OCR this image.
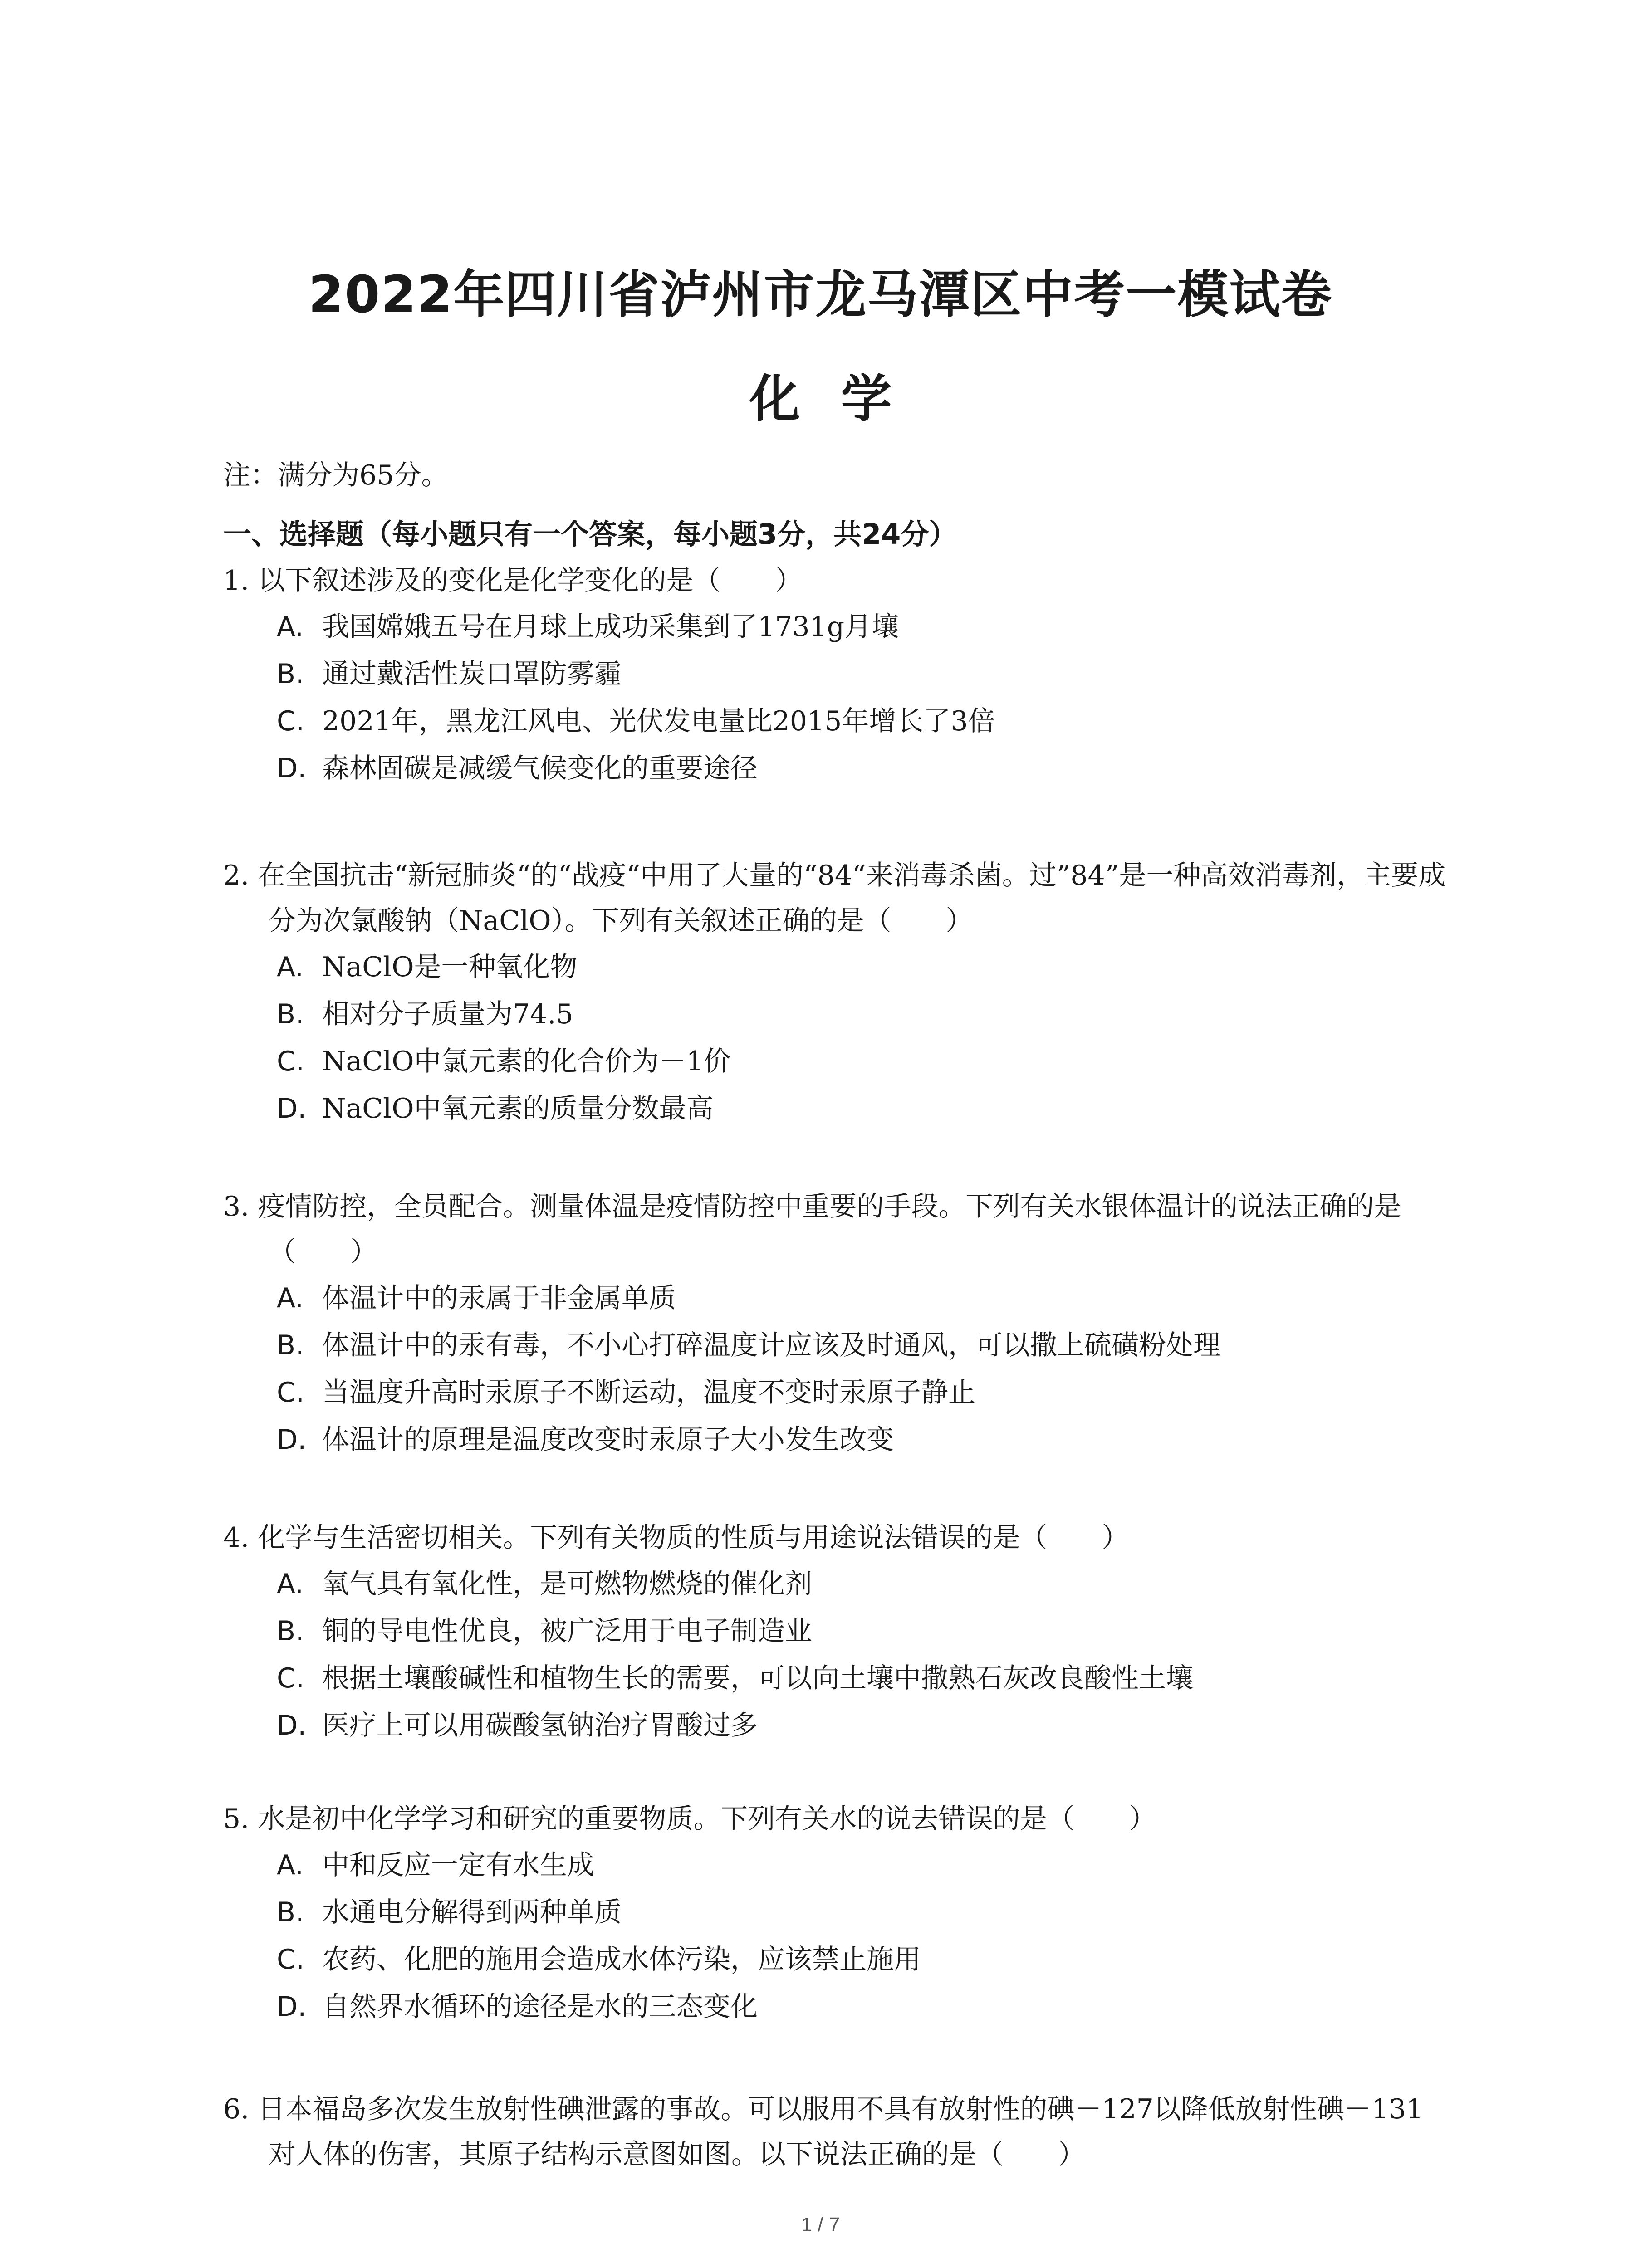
2022年四川省泸州市龙马潭区中考一模试卷
化学
注：满分为65分。
一、选择题（每小题只有一个答案，每小题3分，共24分）

1. 以下叙述涉及的变化是化学变化的是（　　）

A. 我国嫦娥五号在月球上成功采集到了1731g月壤
B. 通过戴活性炭口罩防雾霾
C. 2021年，黑龙江风电、光伏发电量比2015年增长了3倍
D. 森林固碳是减缓气候变化的重要途径

2. 在全国抗击“新冠肺炎“的“战疫“中用了大量的“84“来消毒杀菌。过”84”是一种高效消毒剂，主要成分为次氯酸钠（NaClO）。下列有关叙述正确的是（　　）

A. NaClO是一种氧化物
B. 相对分子质量为74.5
C. NaClO中氯元素的化合价为－1价
D. NaClO中氧元素的质量分数最高

3. 疫情防控，全员配合。测量体温是疫情防控中重要的手段。下列有关水银体温计的说法正确的是（　　）

A. 体温计中的汞属于非金属单质
B. 体温计中的汞有毒，不小心打碎温度计应该及时通风，可以撒上硫磺粉处理
C. 当温度升高时汞原子不断运动，温度不变时汞原子静止
D. 体温计的原理是温度改变时汞原子大小发生改变

4. 化学与生活密切相关。下列有关物质的性质与用途说法错误的是（　　）

A. 氧气具有氧化性，是可燃物燃烧的催化剂
B. 铜的导电性优良，被广泛用于电子制造业
C. 根据土壤酸碱性和植物生长的需要，可以向土壤中撒熟石灰改良酸性土壤
D. 医疗上可以用碳酸氢钠治疗胃酸过多

5. 水是初中化学学习和研究的重要物质。下列有关水的说去错误的是（　　）

A. 中和反应一定有水生成
B. 水通电分解得到两种单质
C. 农药、化肥的施用会造成水体污染，应该禁止施用
D. 自然界水循环的途径是水的三态变化

6. 日本福岛多次发生放射性碘泄露的事故。可以服用不具有放射性的碘－127以降低放射性碘－131对人体的伤害，其原子结构示意图如图。以下说法正确的是（　　）

1 / 7
